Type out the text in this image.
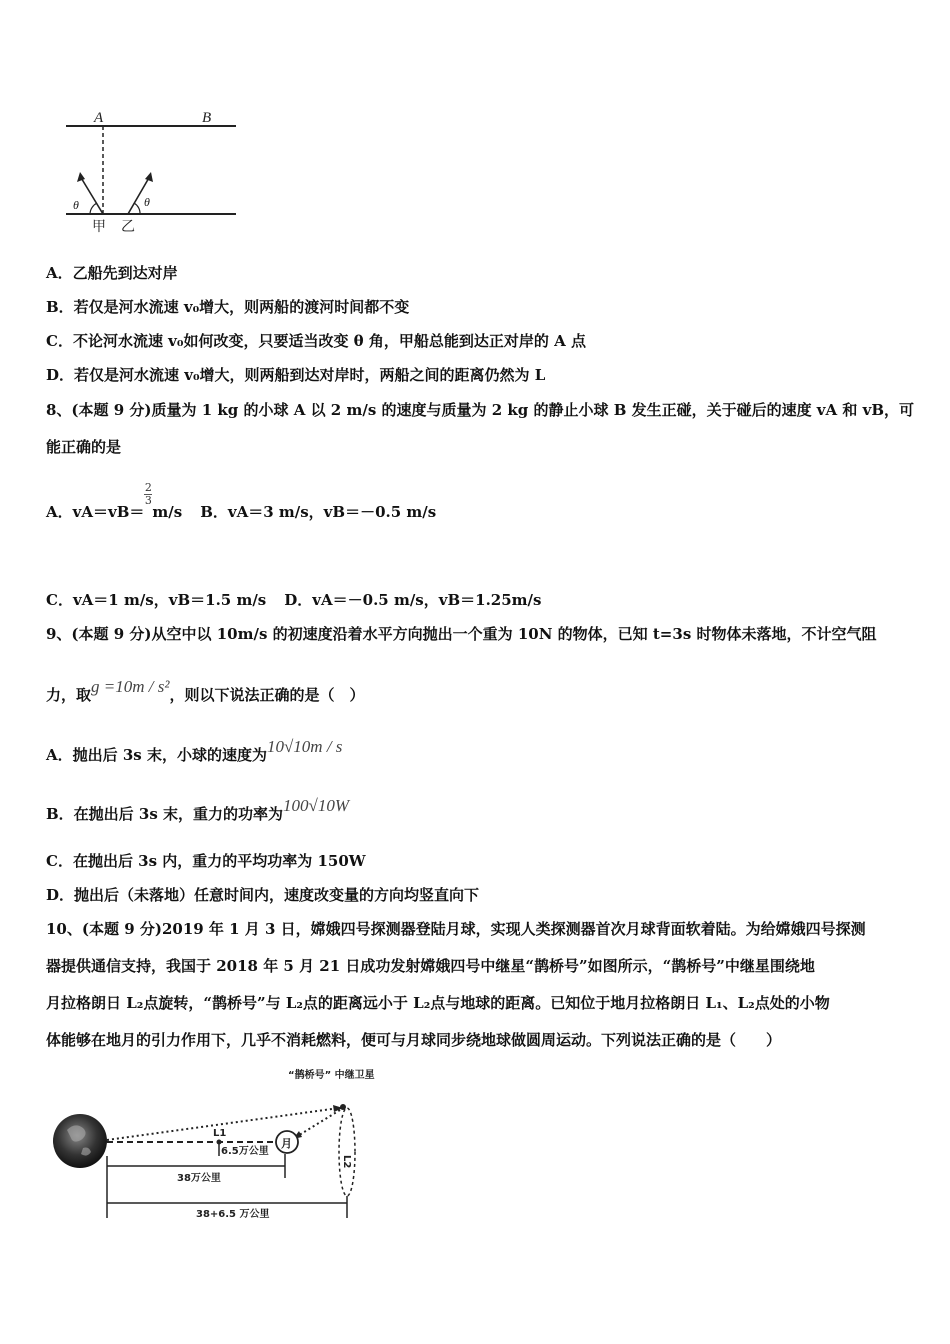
A	B
θ	θ
甲 乙
A．乙船先到达对岸
B．若仅是河水流速 v₀增大，则两船的渡河时间都不变
C．不论河水流速 v₀如何改变，只要适当改变 θ 角，甲船总能到达正对岸的 A 点
D．若仅是河水流速 v₀增大，则两船到达对岸时，两船之间的距离仍然为 L
8、(本题 9 分)质量为 1 kg 的小球 A 以 2 m/s 的速度与质量为 2 kg 的静止小球 B 发生正碰，关于碰后的速度 vA 和 vB，可
能正确的是
A．vA＝vB＝
$\frac{2}{3}$
m/s B．vA＝3 m/s，vB＝－0.5 m/s
C．vA＝1 m/s，vB＝1.5 m/s D．vA＝－0.5 m/s，vB＝1.25m/s
9、(本题 9 分)从空中以 10m/s 的初速度沿着水平方向抛出一个重为 10N 的物体，已知 t=3s 时物体未落地，不计空气阻
力，取g =10m / s²，则以下说法正确的是（　）
A．抛出后 3s 末，小球的速度为10√10m / s
B．在抛出后 3s 末，重力的功率为100√10W
C．在抛出后 3s 内，重力的平均功率为 150W
D．抛出后（未落地）任意时间内，速度改变量的方向均竖直向下
10、(本题 9 分)2019 年 1 月 3 日，嫦娥四号探测器登陆月球，实现人类探测器首次月球背面软着陆。为给嫦娥四号探测
器提供通信支持，我国于 2018 年 5 月 21 日成功发射嫦娥四号中继星“鹊桥号”如图所示，“鹊桥号”中继星围绕地
月拉格朗日 L₂点旋转，“鹊桥号”与 L₂点的距离远小于 L₂点与地球的距离。已知位于地月拉格朗日 L₁、L₂点处的小物
体能够在地月的引力作用下，几乎不消耗燃料，便可与月球同步绕地球做圆周运动。下列说法正确的是（　　）
“鹊桥号” 中继卫星
L1
月
L2
6.5万公里
38万公里
38+6.5 万公里
